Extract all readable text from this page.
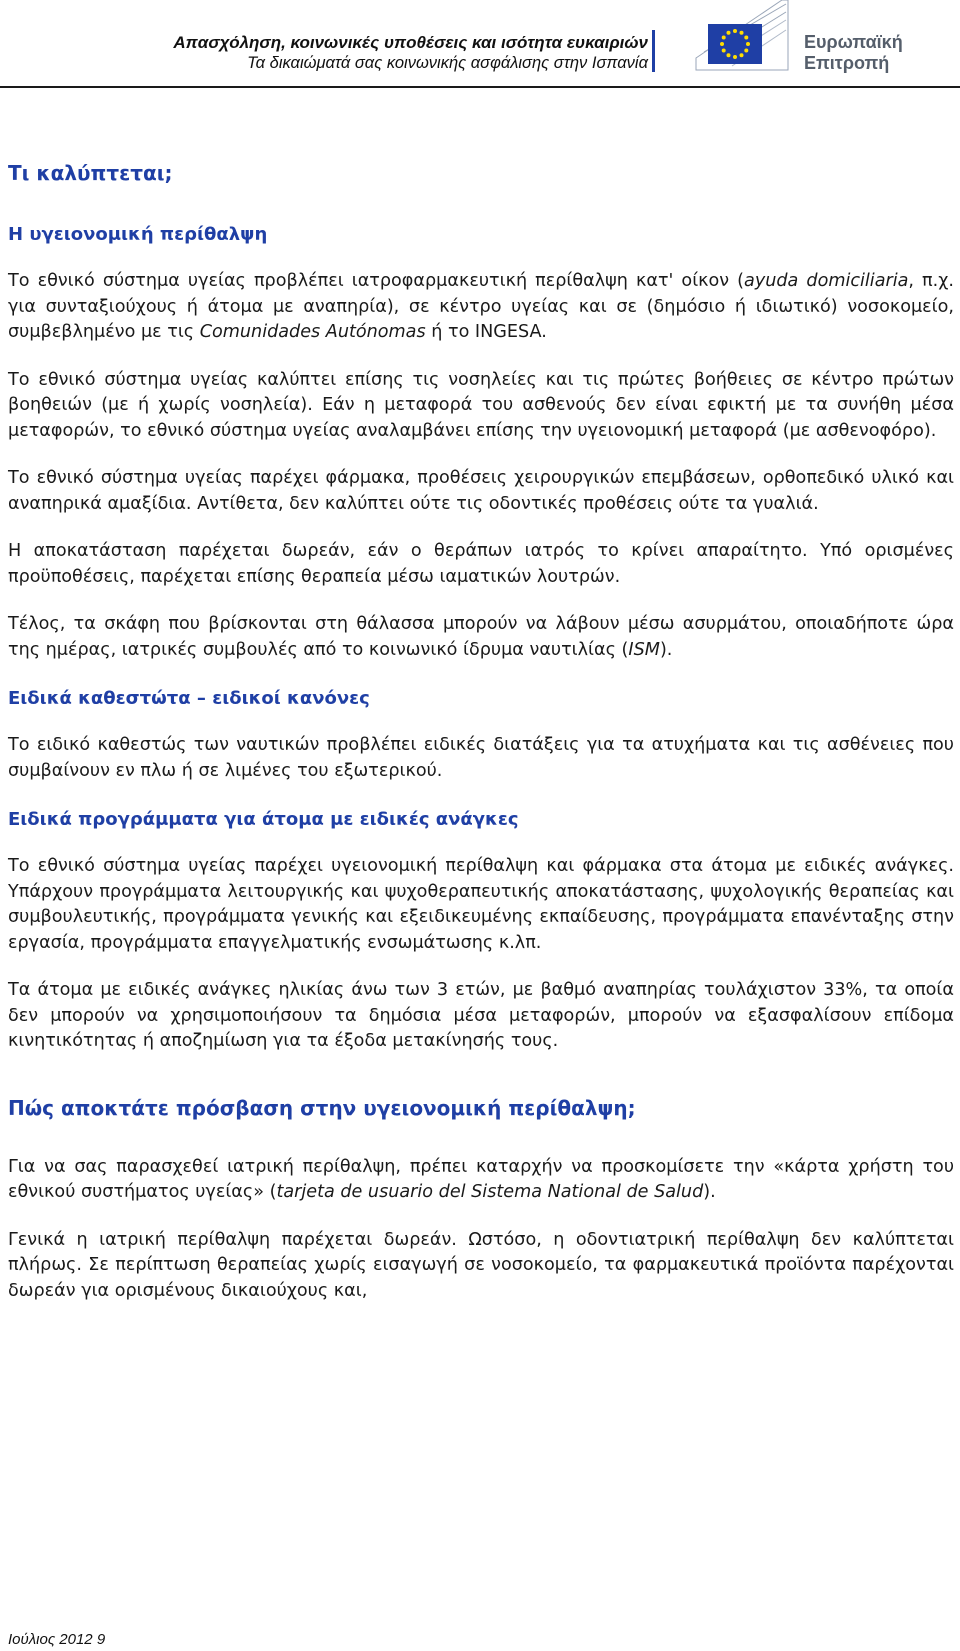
Απασχόληση, κοινωνικές υποθέσεις και ισότητα ευκαιριών
Τα δικαιώματά σας κοινωνικής ασφάλισης στην Ισπανία
Ευρωπαϊκή
Επιτροπή
Τι καλύπτεται;
Η υγειονομική περίθαλψη

Το εθνικό σύστημα υγείας προβλέπει ιατροφαρμακευτική περίθαλψη κατ' οίκον (ayuda domiciliaria, π.χ. για συνταξιούχους ή άτομα με αναπηρία), σε κέντρο υγείας και σε (δημόσιο ή ιδιωτικό) νοσοκομείο, συμβεβλημένο με τις Comunidades Autónomas ή το INGESA.

Το εθνικό σύστημα υγείας καλύπτει επίσης τις νοσηλείες και τις πρώτες βοήθειες σε κέντρο πρώτων βοηθειών (με ή χωρίς νοσηλεία). Εάν η μεταφορά του ασθενούς δεν είναι εφικτή με τα συνήθη μέσα μεταφορών, το εθνικό σύστημα υγείας αναλαμβάνει επίσης την υγειονομική μεταφορά (με ασθενοφόρο).

Το εθνικό σύστημα υγείας παρέχει φάρμακα, προθέσεις χειρουργικών επεμβάσεων, ορθοπεδικό υλικό και αναπηρικά αμαξίδια. Αντίθετα, δεν καλύπτει ούτε τις οδοντικές προθέσεις ούτε τα γυαλιά.

Η αποκατάσταση παρέχεται δωρεάν, εάν ο θεράπων ιατρός το κρίνει απαραίτητο. Υπό ορισμένες προϋποθέσεις, παρέχεται επίσης θεραπεία μέσω ιαματικών λουτρών.

Τέλος, τα σκάφη που βρίσκονται στη θάλασσα μπορούν να λάβουν μέσω ασυρμάτου, οποιαδήποτε ώρα της ημέρας, ιατρικές συμβουλές από το κοινωνικό ίδρυμα ναυτιλίας (ISM).

Ειδικά καθεστώτα – ειδικοί κανόνες

Το ειδικό καθεστώς των ναυτικών προβλέπει ειδικές διατάξεις για τα ατυχήματα και τις ασθένειες που συμβαίνουν εν πλω ή σε λιμένες του εξωτερικού.

Ειδικά προγράμματα για άτομα με ειδικές ανάγκες

Το εθνικό σύστημα υγείας παρέχει υγειονομική περίθαλψη και φάρμακα στα άτομα με ειδικές ανάγκες. Υπάρχουν προγράμματα λειτουργικής και ψυχοθεραπευτικής αποκατάστασης, ψυχολογικής θεραπείας και συμβουλευτικής, προγράμματα γενικής και εξειδικευμένης εκπαίδευσης, προγράμματα επανένταξης στην εργασία, προγράμματα επαγγελματικής ενσωμάτωσης κ.λπ.

Τα άτομα με ειδικές ανάγκες ηλικίας άνω των 3 ετών, με βαθμό αναπηρίας τουλάχιστον 33%, τα οποία δεν μπορούν να χρησιμοποιήσουν τα δημόσια μέσα μεταφορών, μπορούν να εξασφαλίσουν επίδομα κινητικότητας ή αποζημίωση για τα έξοδα μετακίνησής τους.

Πώς αποκτάτε πρόσβαση στην υγειονομική περίθαλψη;

Για να σας παρασχεθεί ιατρική περίθαλψη, πρέπει καταρχήν να προσκομίσετε την «κάρτα χρήστη του εθνικού συστήματος υγείας» (tarjeta de usuario del Sistema National de Salud).

Γενικά η ιατρική περίθαλψη παρέχεται δωρεάν. Ωστόσο, η οδοντιατρική περίθαλψη δεν καλύπτεται πλήρως. Σε περίπτωση θεραπείας χωρίς εισαγωγή σε νοσοκομείο, τα φαρμακευτικά προϊόντα παρέχονται δωρεάν για ορισμένους δικαιούχους και,

Ιούλιος 2012 9
